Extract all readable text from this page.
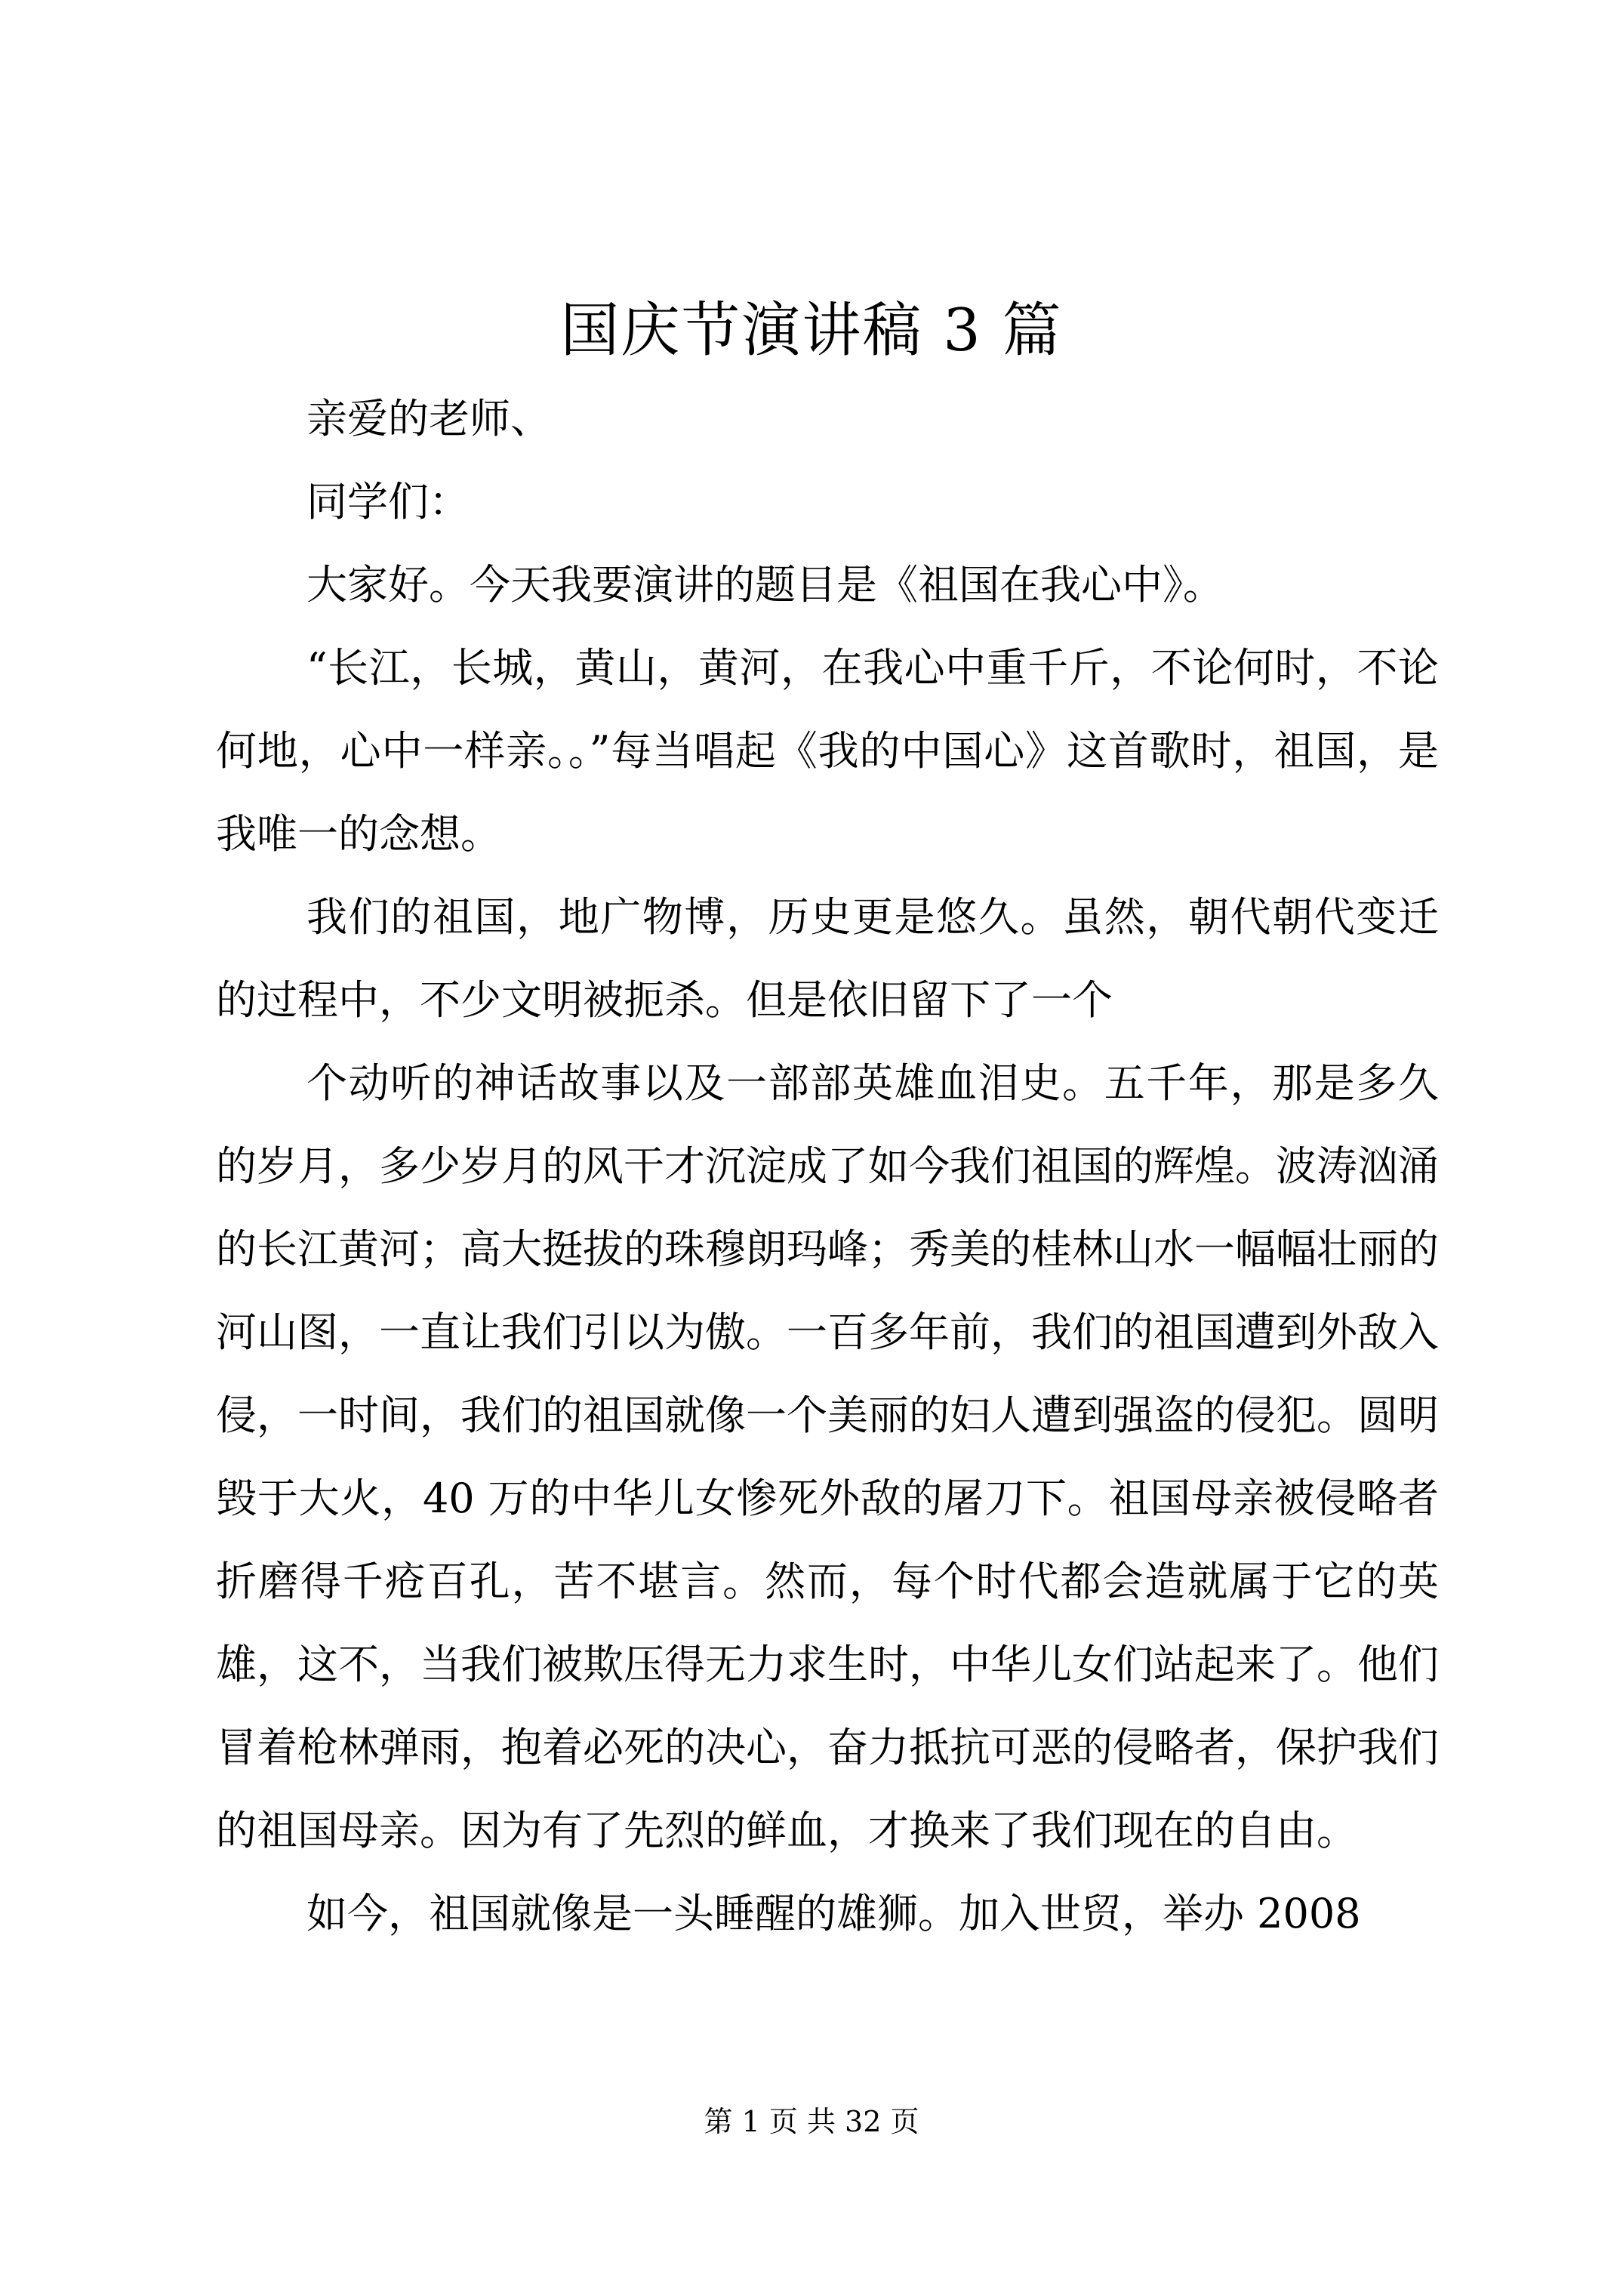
国庆节演讲稿 3 篇

亲爱的老师、

同学们：

大家好。今天我要演讲的题目是《祖国在我心中》。

“长江，长城，黄山，黄河，在我心中重千斤，不论何时，不论何地，心中一样亲。。”每当唱起《我的中国心》这首歌时，祖国，是我唯一的念想。

我们的祖国，地广物博，历史更是悠久。虽然，朝代朝代变迁的过程中，不少文明被扼杀。但是依旧留下了一个

个动听的神话故事以及一部部英雄血泪史。五千年，那是多久的岁月，多少岁月的风干才沉淀成了如今我们祖国的辉煌。波涛汹涌的长江黄河；高大挺拔的珠穆朗玛峰；秀美的桂林山水一幅幅壮丽的河山图，一直让我们引以为傲。一百多年前，我们的祖国遭到外敌入侵，一时间，我们的祖国就像一个美丽的妇人遭到强盗的侵犯。圆明毁于大火，40 万的中华儿女惨死外敌的屠刀下。祖国母亲被侵略者折磨得千疮百孔，苦不堪言。然而，每个时代都会造就属于它的英雄，这不，当我们被欺压得无力求生时，中华儿女们站起来了。他们冒着枪林弹雨，抱着必死的决心，奋力抵抗可恶的侵略者，保护我们的祖国母亲。因为有了先烈的鲜血，才换来了我们现在的自由。

如今，祖国就像是一头睡醒的雄狮。加入世贸，举办 2008

第 1 页 共 32 页
